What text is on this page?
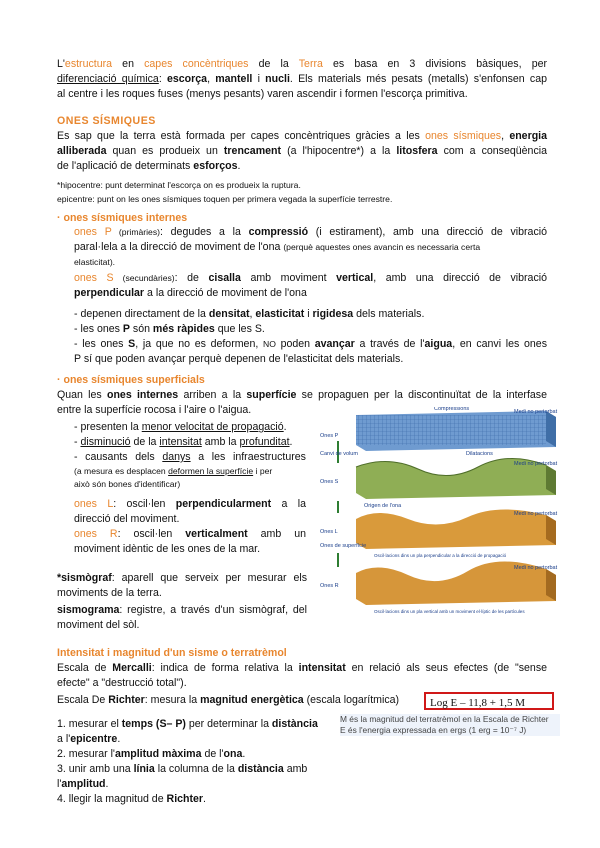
L'estructura en capes concèntriques de la Terra es basa en 3 divisions bàsiques, per
diferenciació química: escorça, mantell i nucli. Els materials més pesats (metalls) s'enfonsen cap
al centre i les roques fuses (menys pesants) varen ascendir i formen l'escorça primitiva.
ONES SÍSMIQUES
Es sap que la terra està formada per capes concèntriques gràcies a les ones sísmiques, energia
alliberada quan es produeix un trencament (a l'hipocentre*) a la litosfera com a conseqüència
de l'aplicació de determinats esforços.
*hipocentre: punt determinat l'escorça on es produeix la ruptura.
epicentre: punt on les ones sísmiques toquen per primera vegada la superfície terrestre.
· ones sísmiques internes
ones P (primàries): degudes a la compressió (i estirament), amb una direcció de vibració
paral·lela a la direcció de moviment de l'ona (perquè aquestes ones avancin es necessaria certa
elasticitat).
ones S (secundàries): de cisalla amb moviment vertical, amb una direcció de vibració
perpendicular a la direcció de moviment de l'ona
- depenen directament de la densitat, elasticitat i rigidesa dels materials.
- les ones P són més ràpides que les S.
- les ones S, ja que no es deformen, NO poden avançar a través de l'aigua, en canvi les ones
P sí que poden avançar perquè depenen de l'elasticitat dels materials.
· ones sísmiques superficials
Quan les ones internes arriben a la superfície se propaguen per la discontinuïtat de la interfase
entre la superfície rocosa i l'aire o l'aigua.
- presenten la menor velocitat de propagació.
- disminució de la intensitat amb la profunditat.
- causants dels danys a les infraestructures
(a mesura es desplacen deformen la superfície i per
això són bones d'identificar)
ones L: oscil·len perpendicularment a la
direcció del moviment.
ones R: oscil·len verticalment amb un
moviment idèntic de les ones de la mar.
*sismògraf: aparell que serveix per mesurar els
moviments de la terra.
sismograma: registre, a través d'un sismògraf, del
moviment del sòl.
Compressions
Dilatacions
Ones P
Canvi de volum
Ones S
Origen de l'ona
Ones L
Ones de superfície
Ones R
Medi no pertorbat
Medi no pertorbat
Medi no pertorbat
Medi no pertorbat
Oscil·lacions dins un pla perpendicular a la direcció de propagació
Oscil·lacions dins un pla vertical amb un moviment el·líptic de les partícules
Intensitat i magnitud d'un sisme o terratrèmol
Escala de Mercalli: indica de forma relativa la intensitat en relació als seus efectes (de "sense
efecte" a "destrucció total").
Escala De Richter: mesura la magnitud energètica (escala logarítmica)	Log E – 11,8 + 1,5 M
M és la magnitud del terratrèmol en la Escala de Richter
E és l'energia expressada en ergs (1 erg = 10⁻⁷ J)
1. mesurar el temps (S– P) per determinar la distància
a l'epicentre.
2. mesurar l'amplitud màxima de l'ona.
3. unir amb una línia la columna de la distància amb l'amplitud.
4. llegir la magnitud de Richter.
